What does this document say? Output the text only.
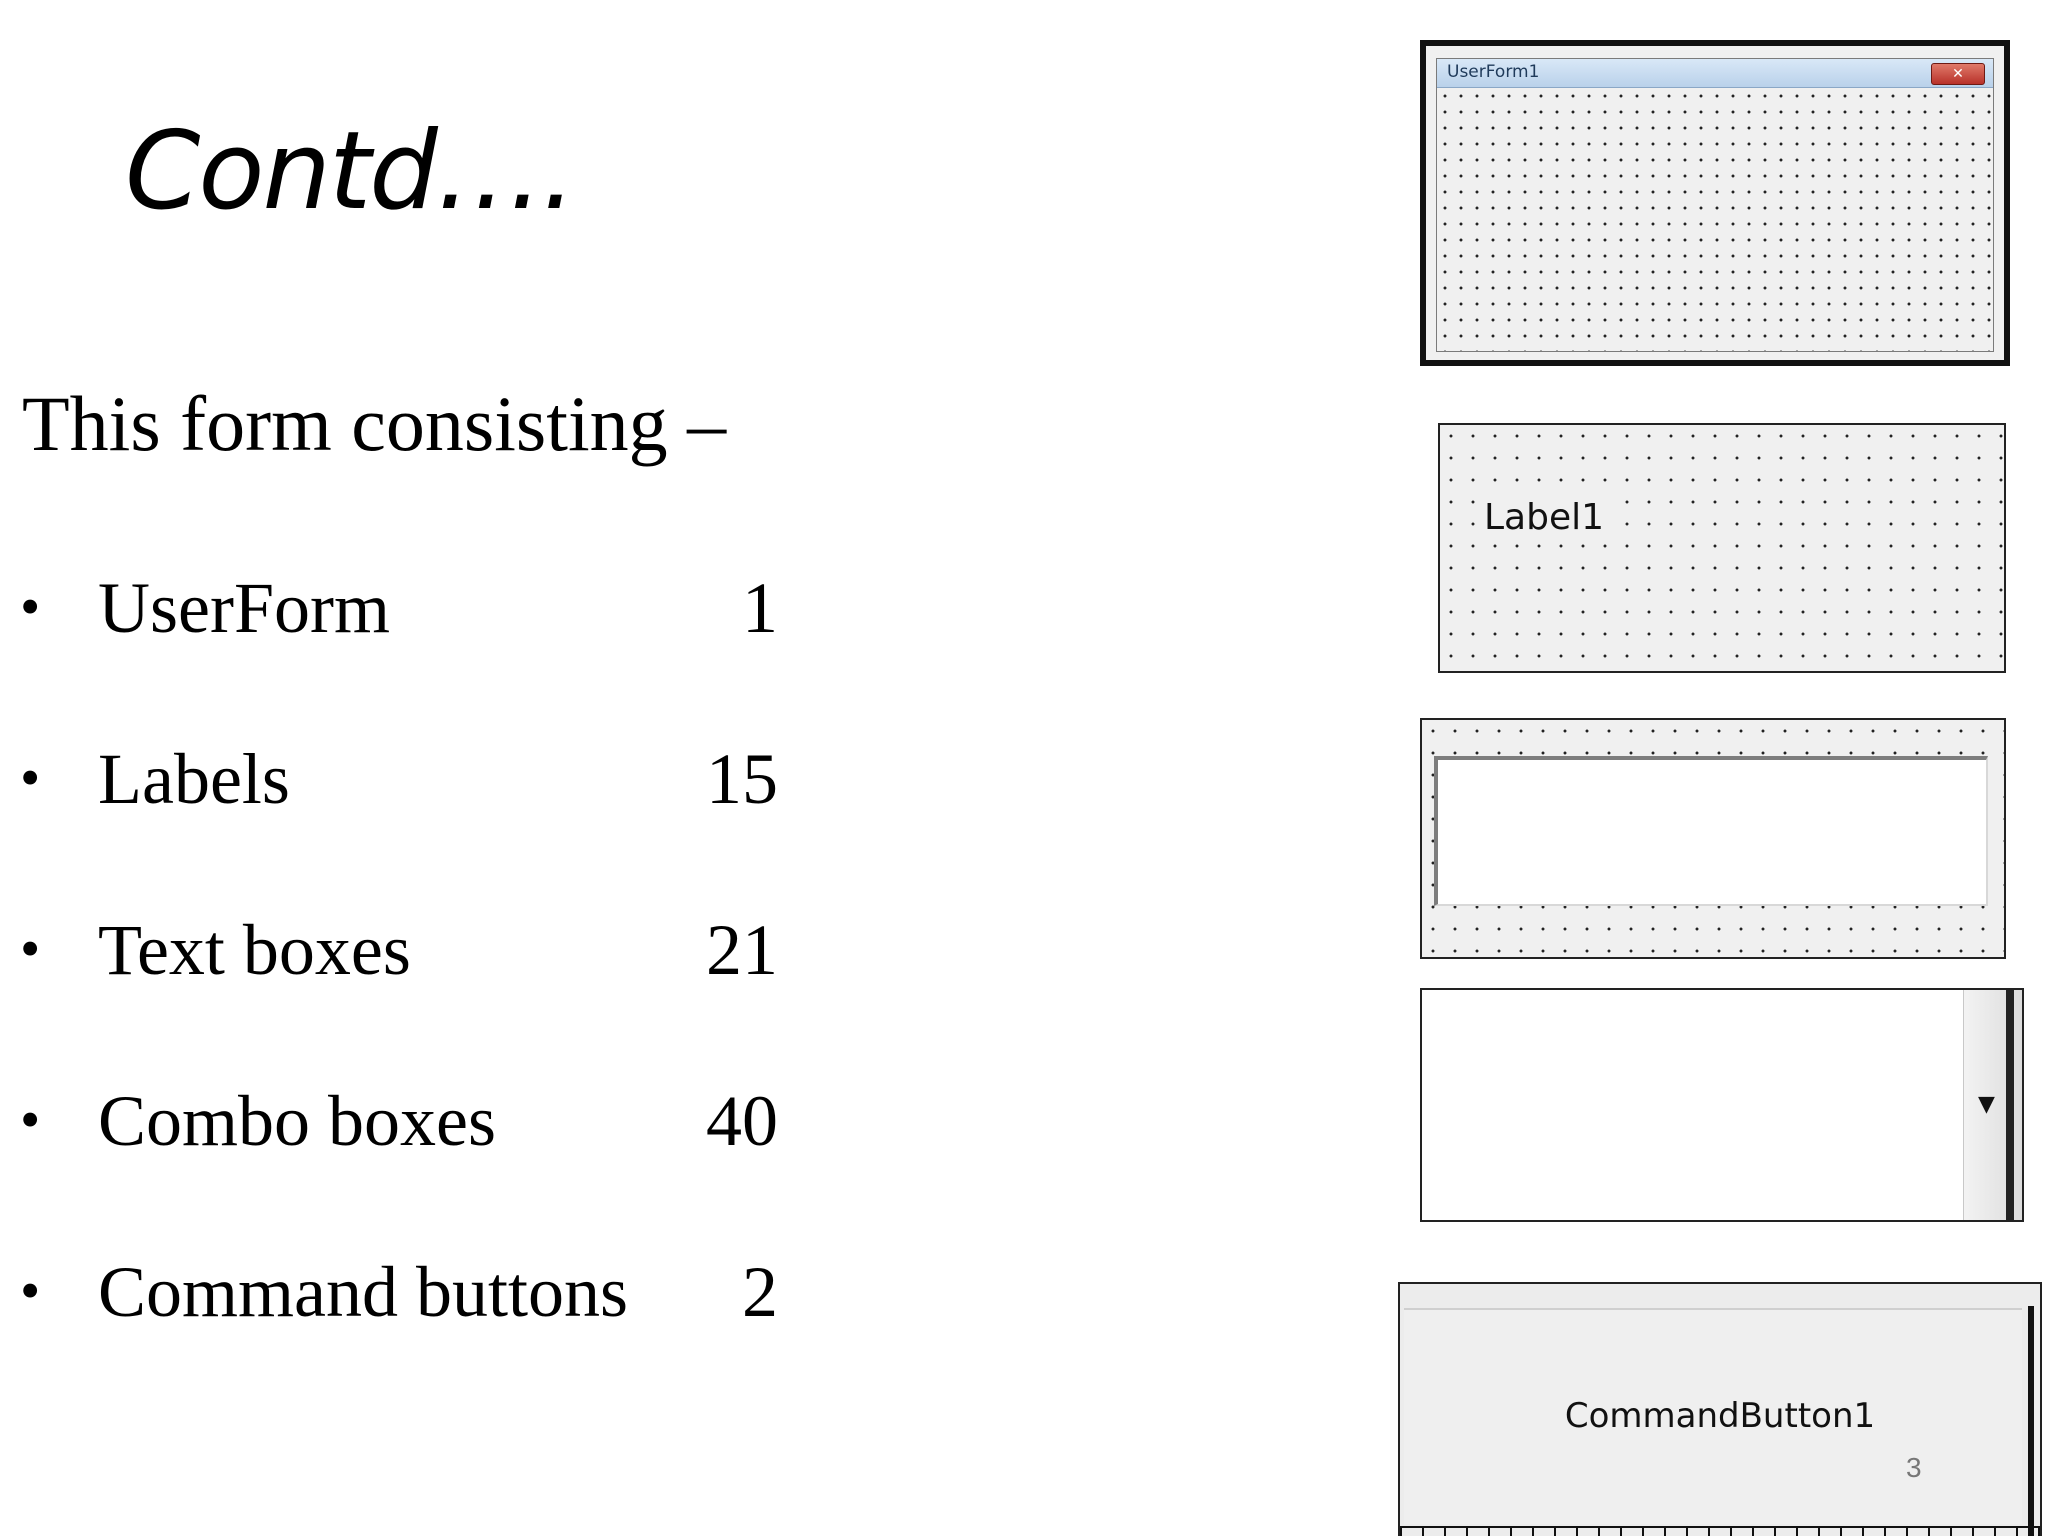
Contd….
This form consisting –
• UserForm	1
• Labels	15
• Text boxes	21
• Combo boxes	40
• Command buttons 2
UserForm1	✕
Label1
▼
CommandButton1
3
